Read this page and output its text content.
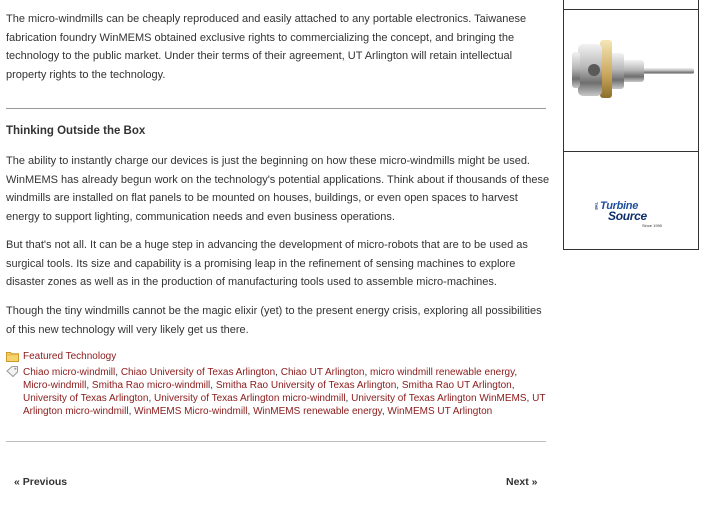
The micro-windmills can be cheaply reproduced and easily attached to any portable electronics. Taiwanese fabrication foundry WinMEMS obtained exclusive rights to commercializing the concept, and bringing the technology to the public market. Under their terms of their agreement, UT Arlington will retain intellectual property rights to the technology.

Thinking Outside the Box

The ability to instantly charge our devices is just the beginning on how these micro-windmills might be used. WinMEMS has already begun work on the technology's potential applications. Think about if thousands of these windmills are installed on flat panels to be mounted on houses, buildings, or even open spaces to harvest energy to support lighting, communication needs and even business operations.

But that's not all. It can be a huge step in advancing the development of micro-robots that are to be used as surgical tools. Its size and capability is a promising leap in the refinement of sensing machines to explore disaster zones as well as in the production of manufacturing tools used to assemble micro-machines.

Though the tiny windmills cannot be the magic elixir (yet) to the present energy crisis, exploring all possibilities of this new technology will very likely get us there.

Featured Technology
Chiao micro-windmill, Chiao University of Texas Arlington, Chiao UT Arlington, micro windmill renewable energy, Micro-windmill, Smitha Rao micro-windmill, Smitha Rao University of Texas Arlington, Smitha Rao UT Arlington, University of Texas Arlington, University of Texas Arlington micro-windmill, University of Texas Arlington WinMEMS, UT Arlington micro-windmill, WinMEMS Micro-windmill, WinMEMS renewable energy, WinMEMS UT Arlington
« Previous	Next »
THE Turbine
Source
Since 1990
